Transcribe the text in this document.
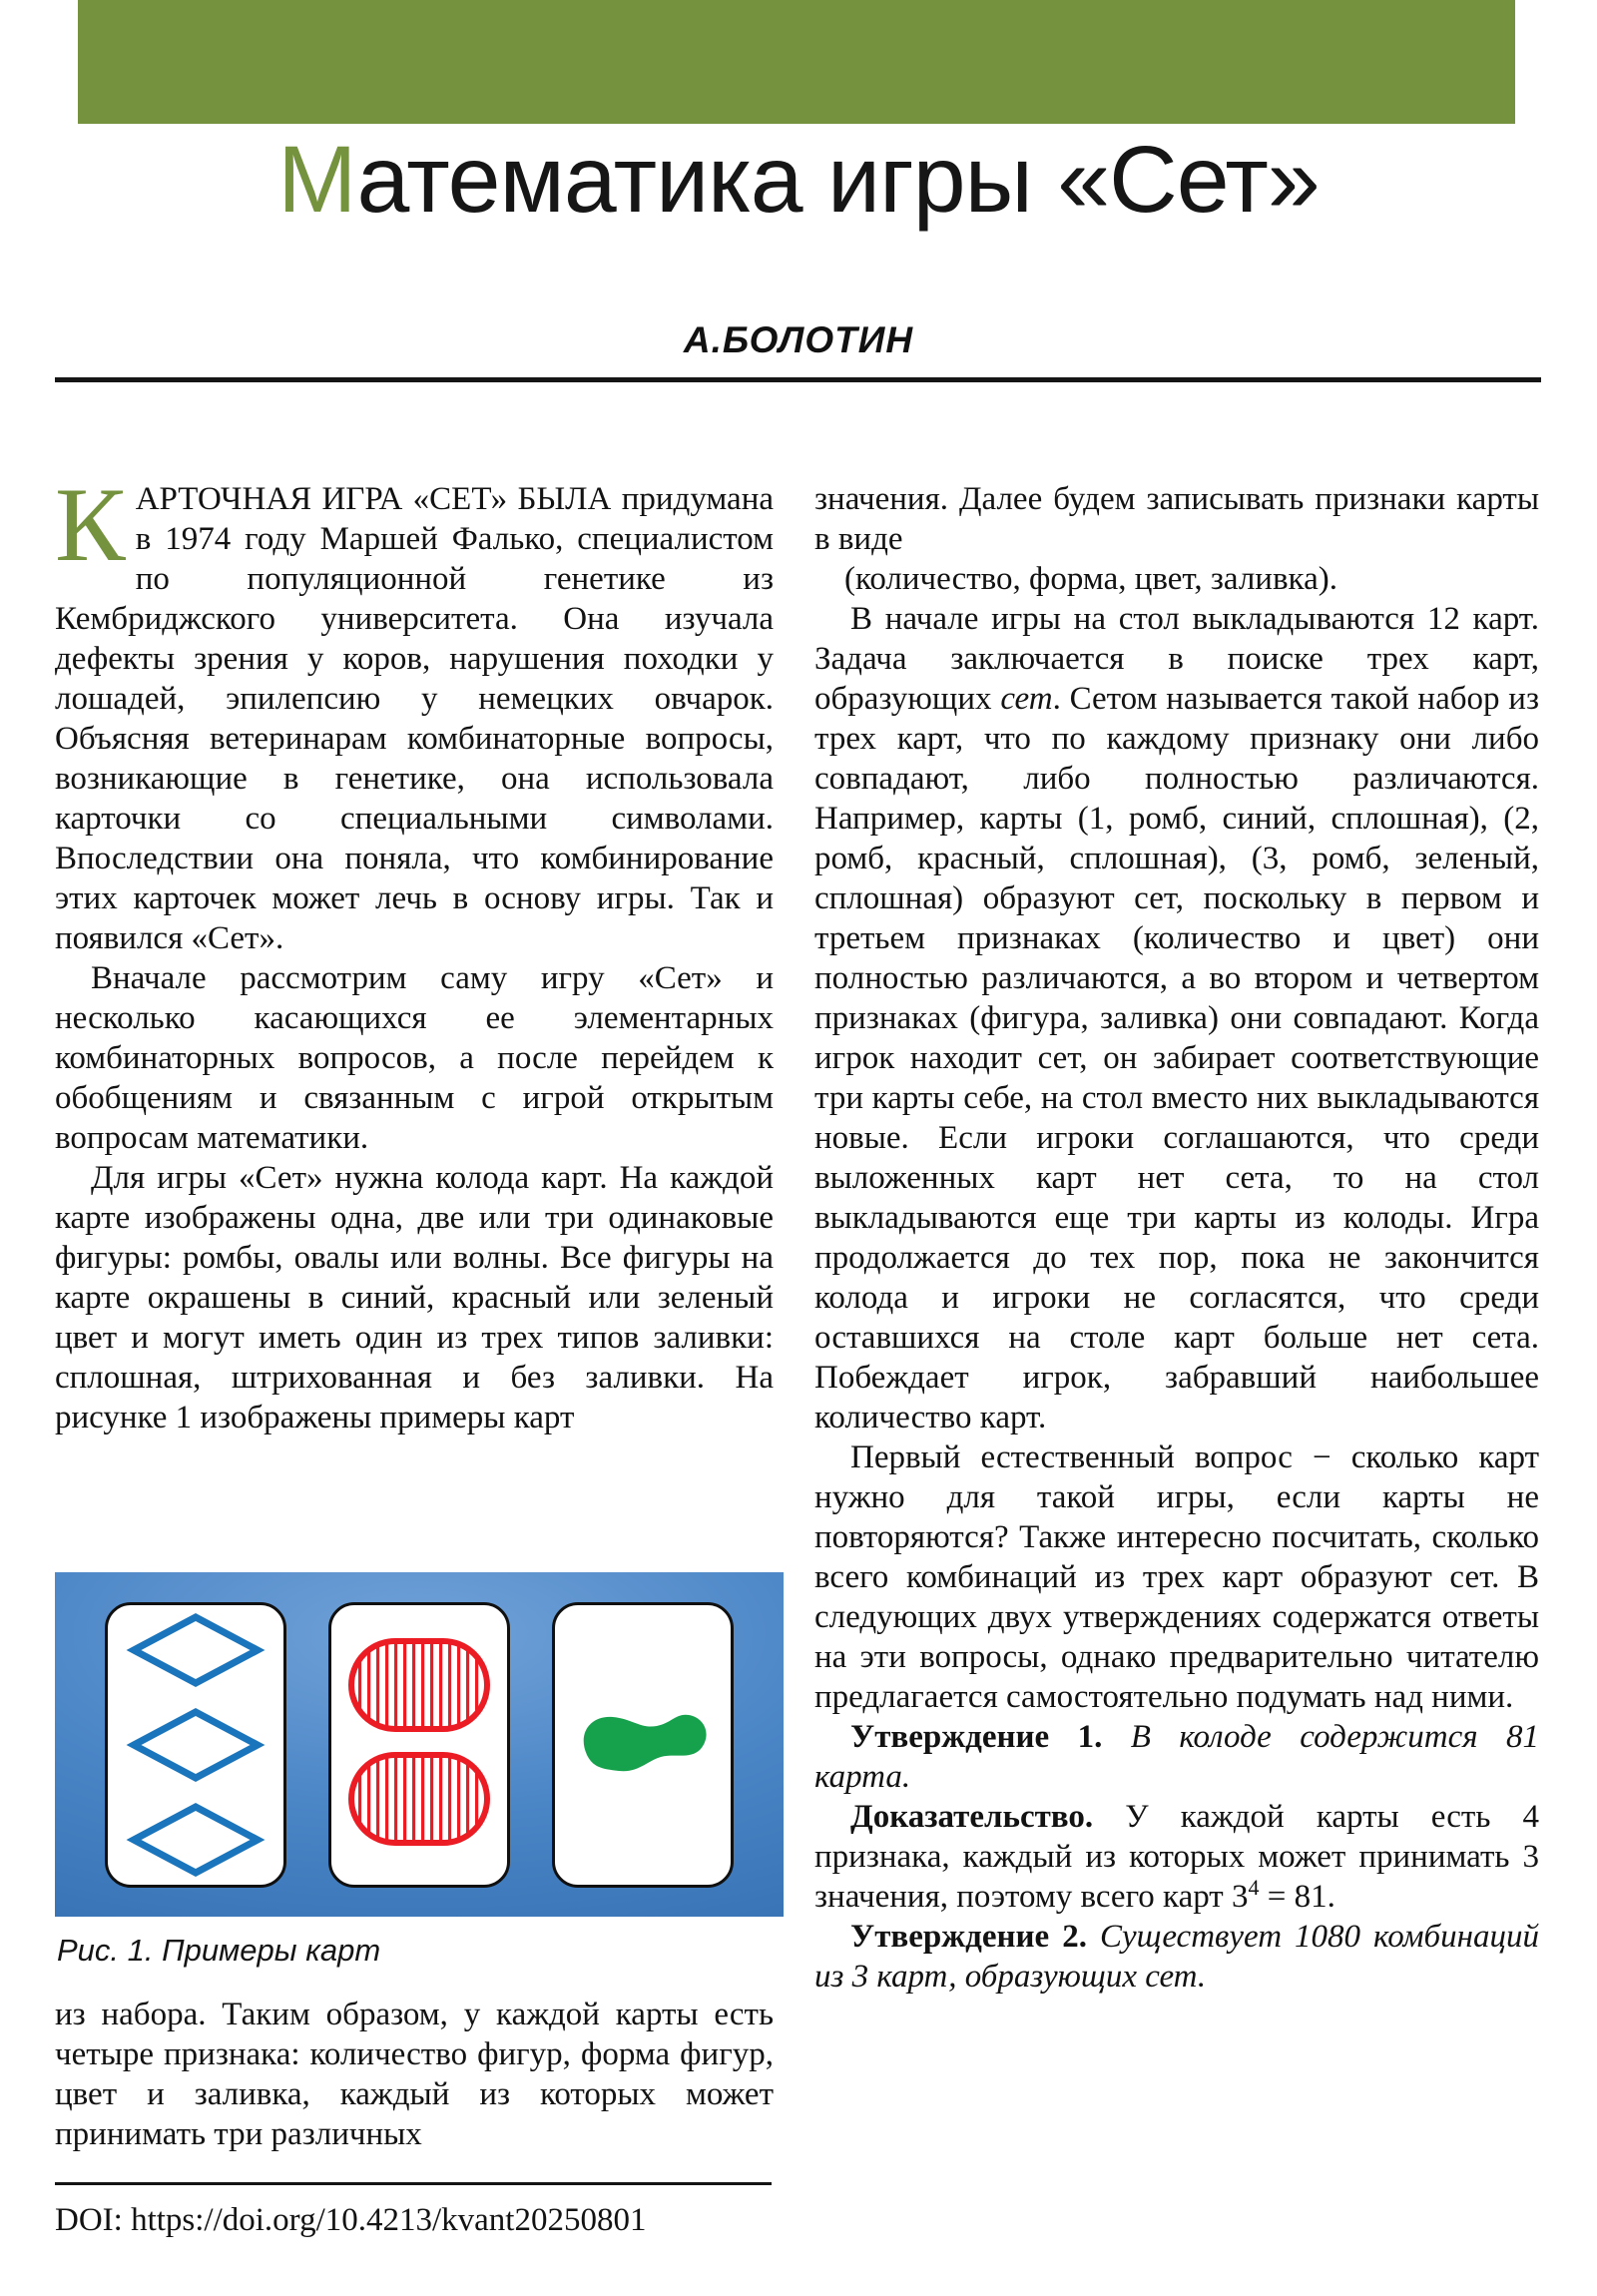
Математика игры «Сет»
А.БОЛОТИН

К АРТОЧНАЯ ИГРА «СЕТ» БЫЛА придумана в 1974 году Маршей Фалько, специалистом по популяционной генетике из Кембриджского университета. Она изучала дефекты зрения у коров, нарушения походки у лошадей, эпилепсию у немецких овчарок. Объясняя ветеринарам комбинаторные вопросы, возникающие в генетике, она использовала карточки со специальными символами. Впоследствии она поняла, что комбинирование этих карточек может лечь в основу игры. Так и появился «Сет».

Вначале рассмотрим саму игру «Сет» и несколько касающихся ее элементарных комбинаторных вопросов, а после перейдем к обобщениям и связанным с игрой открытым вопросам математики.

Для игры «Сет» нужна колода карт. На каждой карте изображены одна, две или три одинаковые фигуры: ромбы, овалы или волны. Все фигуры на карте окрашены в синий, красный или зеленый цвет и могут иметь один из трех типов заливки: сплошная, штрихованная и без заливки. На рисунке 1 изображены примеры карт

Рис. 1. Примеры карт

из набора. Таким образом, у каждой карты есть четыре признака: количество фигур, форма фигур, цвет и заливка, каждый из которых может принимать три различных

DOI: https://doi.org/10.4213/kvant20250801

значения. Далее будем записывать признаки карты в виде

(количество, форма, цвет, заливка).

В начале игры на стол выкладываются 12 карт. Задача заключается в поиске трех карт, образующих сет. Сетом называется такой набор из трех карт, что по каждому признаку они либо совпадают, либо полностью различаются. Например, карты (1, ромб, синий, сплошная), (2, ромб, красный, сплошная), (3, ромб, зеленый, сплошная) образуют сет, поскольку в первом и третьем признаках (количество и цвет) они полностью различаются, а во втором и четвертом признаках (фигура, заливка) они совпадают. Когда игрок находит сет, он забирает соответствующие три карты себе, на стол вместо них выкладываются новые. Если игроки соглашаются, что среди выложенных карт нет сета, то на стол выкладываются еще три карты из колоды. Игра продолжается до тех пор, пока не закончится колода и игроки не согласятся, что среди оставшихся на столе карт больше нет сета. Побеждает игрок, забравший наибольшее количество карт.

Первый естественный вопрос − сколько карт нужно для такой игры, если карты не повторяются? Также интересно посчитать, сколько всего комбинаций из трех карт образуют сет. В следующих двух утверждениях содержатся ответы на эти вопросы, однако предварительно читателю предлагается самостоятельно подумать над ними.

Утверждение 1. В колоде содержится 81 карта.

Доказательство. У каждой карты есть 4 признака, каждый из которых может принимать 3 значения, поэтому всего карт $3^4 = 81$.

Утверждение 2. Существует 1080 комбинаций из 3 карт, образующих сет.
